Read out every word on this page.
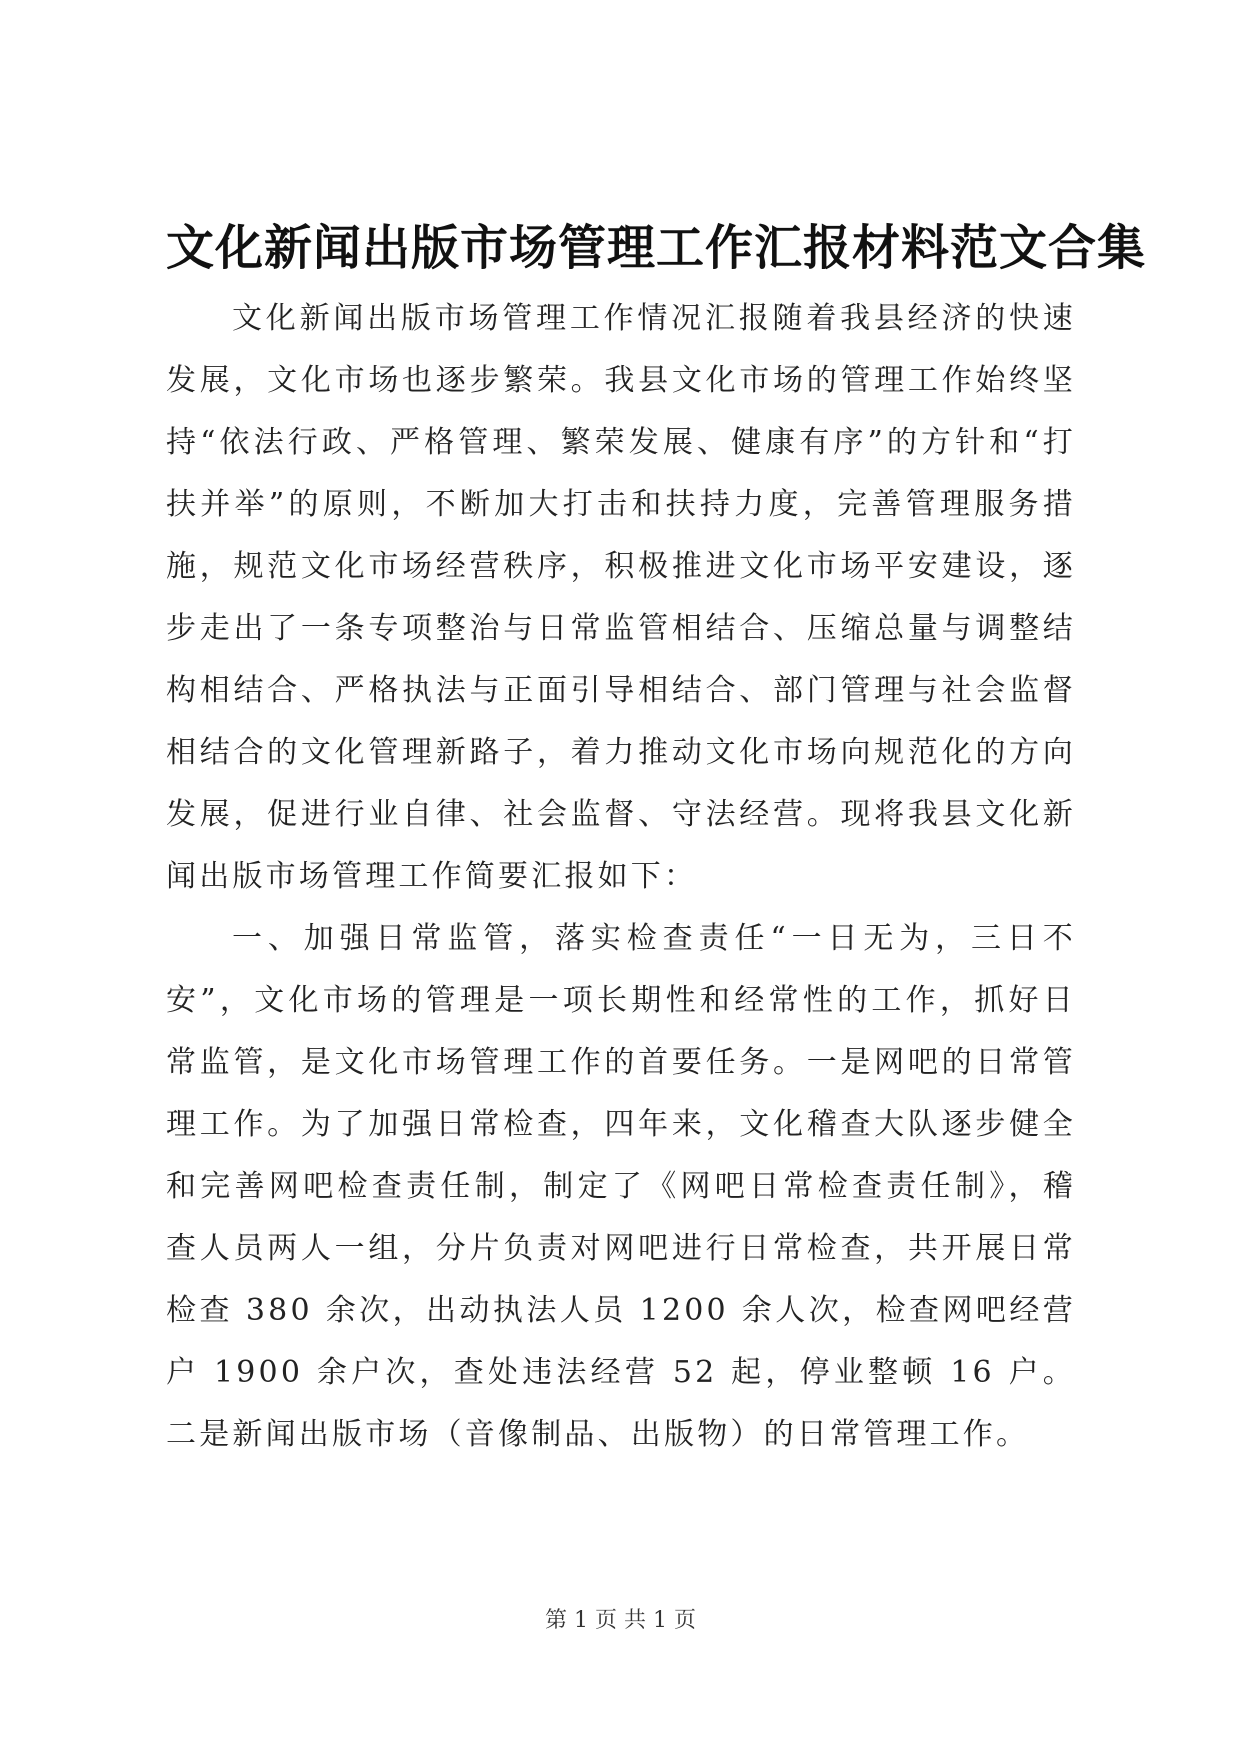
文化新闻出版市场管理工作汇报材料范文合集

文化新闻出版市场管理工作情况汇报随着我县经济的快速发展，文化市场也逐步繁荣。我县文化市场的管理工作始终坚持“依法行政、严格管理、繁荣发展、健康有序”的方针和“打扶并举”的原则，不断加大打击和扶持力度，完善管理服务措施，规范文化市场经营秩序，积极推进文化市场平安建设，逐步走出了一条专项整治与日常监管相结合、压缩总量与调整结构相结合、严格执法与正面引导相结合、部门管理与社会监督相结合的文化管理新路子，着力推动文化市场向规范化的方向发展，促进行业自律、社会监督、守法经营。现将我县文化新闻出版市场管理工作简要汇报如下：

一、加强日常监管，落实检查责任“一日无为，三日不安”，文化市场的管理是一项长期性和经常性的工作，抓好日常监管，是文化市场管理工作的首要任务。一是网吧的日常管理工作。为了加强日常检查，四年来，文化稽查大队逐步健全和完善网吧检查责任制，制定了《网吧日常检查责任制》，稽查人员两人一组，分片负责对网吧进行日常检查，共开展日常检查 380 余次，出动执法人员 1200 余人次，检查网吧经营户 1900 余户次，查处违法经营 52 起，停业整顿 16 户。二是新闻出版市场（音像制品、出版物）的日常管理工作。

第 1 页 共 1 页
